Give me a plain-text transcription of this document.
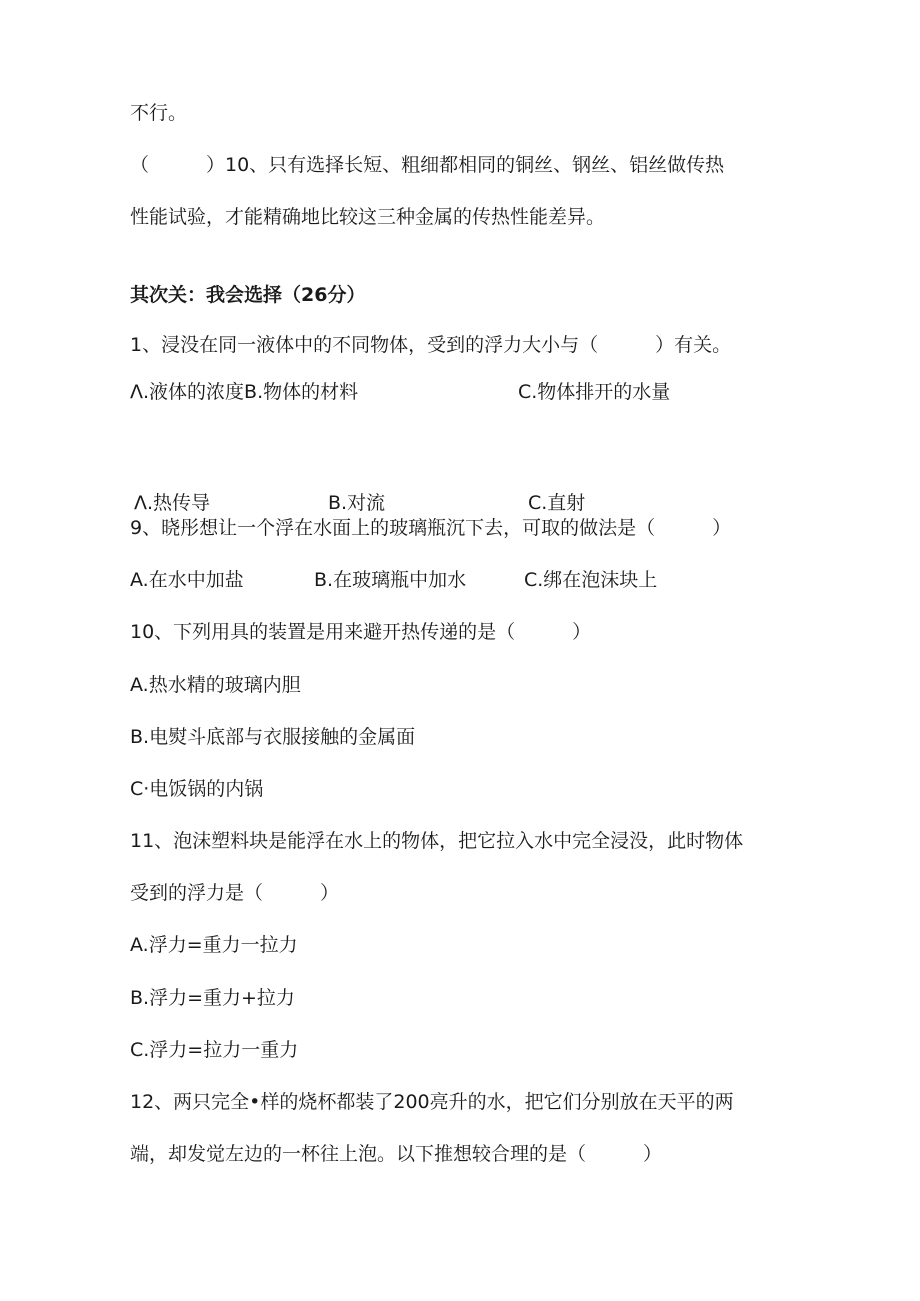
不行。
（　　　）10、只有选择长短、粗细都相同的铜丝、钢丝、铝丝做传热
性能试验，才能精确地比较这三种金属的传热性能差异。
其次关：我会选择（26分）
1、浸没在同一液体中的不同物体，受到的浮力大小与（　　　）有关。
Λ.液体的浓度B.物体的材料	C.物体排开的水量
Λ.热传导	B.对流	C.直射
9、晓彤想让一个浮在水面上的玻璃瓶沉下去，可取的做法是（　　　）
A.在水中加盐	B.在玻璃瓶中加水	C.绑在泡沫块上
10、下列用具的装置是用来避开热传递的是（　　　）
A.热水精的玻璃内胆
B.电熨斗底部与衣服接触的金属面
C·电饭锅的内锅
11、泡沫塑料块是能浮在水上的物体，把它拉入水中完全浸没，此时物体
受到的浮力是（　　　）
A.浮力=重力一拉力
B.浮力=重力+拉力
C.浮力=拉力一重力
12、两只完全•样的烧杯都装了200亮升的水，把它们分别放在天平的两
端，却发觉左边的一杯往上泡。以下推想较合理的是（　　　）
